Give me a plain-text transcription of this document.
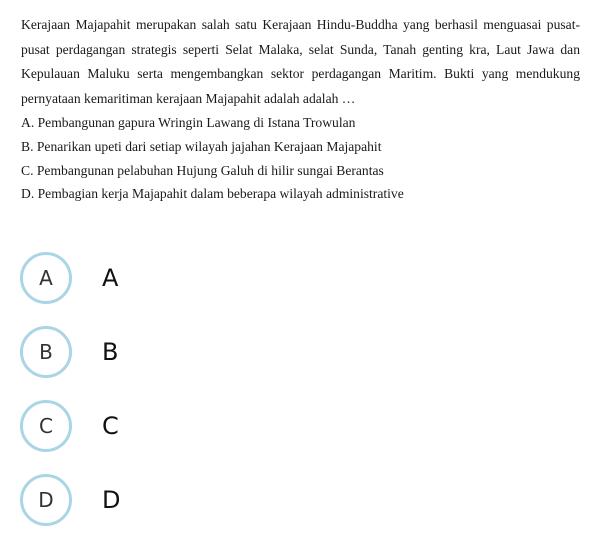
Kerajaan Majapahit merupakan salah satu Kerajaan Hindu-Buddha yang berhasil menguasai pusat-pusat perdagangan strategis seperti Selat Malaka, selat Sunda, Tanah genting kra, Laut Jawa dan Kepulauan Maluku serta mengembangkan sektor perdagangan Maritim. Bukti yang mendukung pernyataan kemaritiman kerajaan Majapahit adalah adalah …
A. Pembangunan gapura Wringin Lawang di Istana Trowulan
B. Penarikan upeti dari setiap wilayah jajahan Kerajaan Majapahit
C. Pembangunan pelabuhan Hujung Galuh di hilir sungai Berantas
D. Pembagian kerja Majapahit dalam beberapa wilayah administrative
A	A
B	B
C	C
D	D
